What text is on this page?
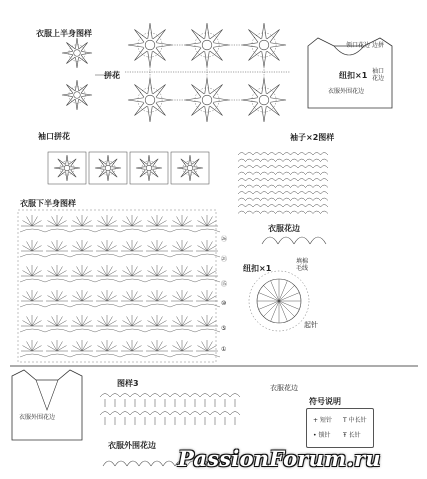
衣服上半身图样
拼花
袖口拼花	袖子×2图样
衣服下半身图样
衣服花边
纽扣×1
填棉
毛线
起针
领口花边 边拼
纽扣×1 袖口
花边
衣服外围花边
图样3	衣服花边
衣服外围花边
衣服外围花边
㉖
㉑
⑮
⑩
⑤
①
符号说明
+ 短针 T 中长针
• 锁针 Ŧ 长针
PassionForum.ru
